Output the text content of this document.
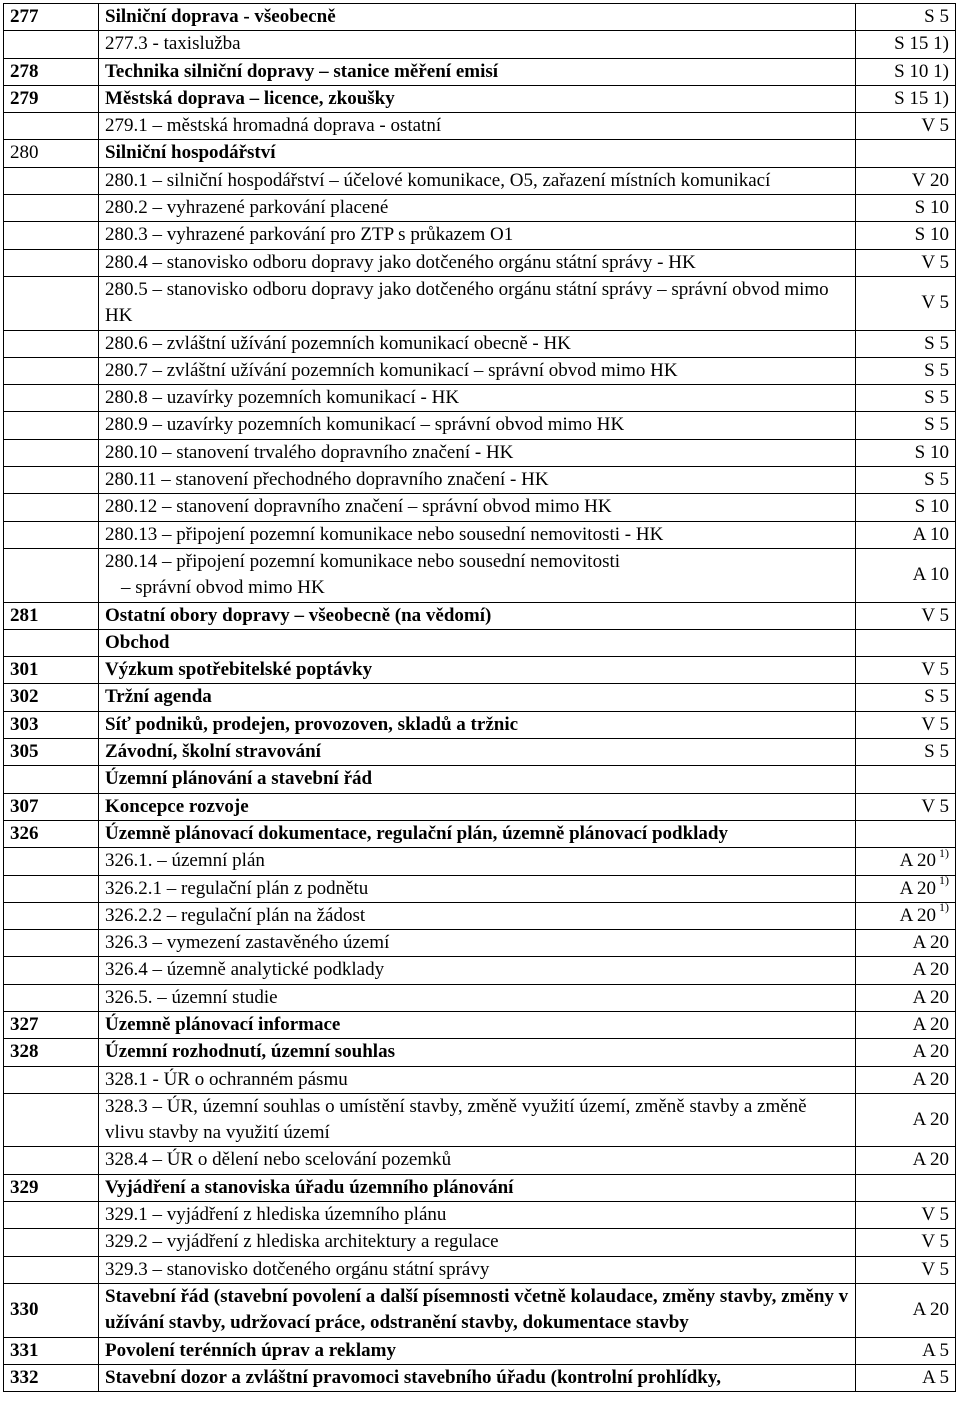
277	Silniční doprava - všeobecně	S 5
	277.3 - taxislužba	S 15 1)
278	Technika silniční dopravy – stanice měření emisí	S 10 1)
279	Městská doprava – licence, zkoušky	S 15 1)
	279.1 – městská hromadná doprava - ostatní	V 5
280	Silniční hospodářství	
	280.1 – silniční hospodářství – účelové komunikace, O5, zařazení místních komunikací	V 20
	280.2 – vyhrazené parkování placené	S 10
	280.3 – vyhrazené parkování pro ZTP s průkazem O1	S 10
	280.4 – stanovisko odboru dopravy jako dotčeného orgánu státní správy - HK	V 5
	280.5 – stanovisko odboru dopravy jako dotčeného orgánu státní správy – správní obvod mimo HK	V 5
	280.6 – zvláštní užívání pozemních komunikací obecně - HK	S 5
	280.7 – zvláštní užívání pozemních komunikací – správní obvod mimo HK	S 5
	280.8 – uzavírky pozemních komunikací - HK	S 5
	280.9 – uzavírky pozemních komunikací – správní obvod mimo HK	S 5
	280.10 – stanovení trvalého dopravního značení - HK	S 10
	280.11 – stanovení přechodného dopravního značení - HK	S 5
	280.12 – stanovení dopravního značení – správní obvod mimo HK	S 10
	280.13 – připojení pozemní komunikace nebo sousední nemovitosti - HK	A 10
	280.14 – připojení pozemní komunikace nebo sousední nemovitosti
– správní obvod mimo HK	A 10
281	Ostatní obory dopravy – všeobecně (na vědomí)	V 5
	Obchod	
301	Výzkum spotřebitelské poptávky	V 5
302	Tržní agenda	S 5
303	Síť podniků, prodejen, provozoven, skladů a tržnic	V 5
305	Závodní, školní stravování	S 5
	Územní plánování a stavební řád	
307	Koncepce rozvoje	V 5
326	Územně plánovací dokumentace, regulační plán, územně plánovací podklady	
	326.1. – územní plán	A 20 $^{1)}$
	326.2.1 – regulační plán z podnětu	A 20 $^{1)}$
	326.2.2 – regulační plán na žádost	A 20 $^{1)}$
	326.3 – vymezení zastavěného území	A 20
	326.4 – územně analytické podklady	A 20
	326.5. – územní studie	A 20
327	Územně plánovací informace	A 20
328	Územní rozhodnutí, územní souhlas	A 20
	328.1 - ÚR o ochranném pásmu	A 20
	328.3 – ÚR, územní souhlas o umístění stavby, změně využití území, změně stavby a změně vlivu stavby na využití území	A 20
	328.4 – ÚR o dělení nebo scelování pozemků	A 20
329	Vyjádření a stanoviska úřadu územního plánování	
	329.1 – vyjádření z hlediska územního plánu	V 5
	329.2 – vyjádření z hlediska architektury a regulace	V 5
	329.3 – stanovisko dotčeného orgánu státní správy	V 5
330	Stavební řád (stavební povolení a další písemnosti včetně kolaudace, změny stavby, změny v užívání stavby, udržovací práce, odstranění stavby, dokumentace stavby	A 20
331	Povolení terénních úprav a reklamy	A 5
332	Stavební dozor a zvláštní pravomoci stavebního úřadu (kontrolní prohlídky,	A 5
